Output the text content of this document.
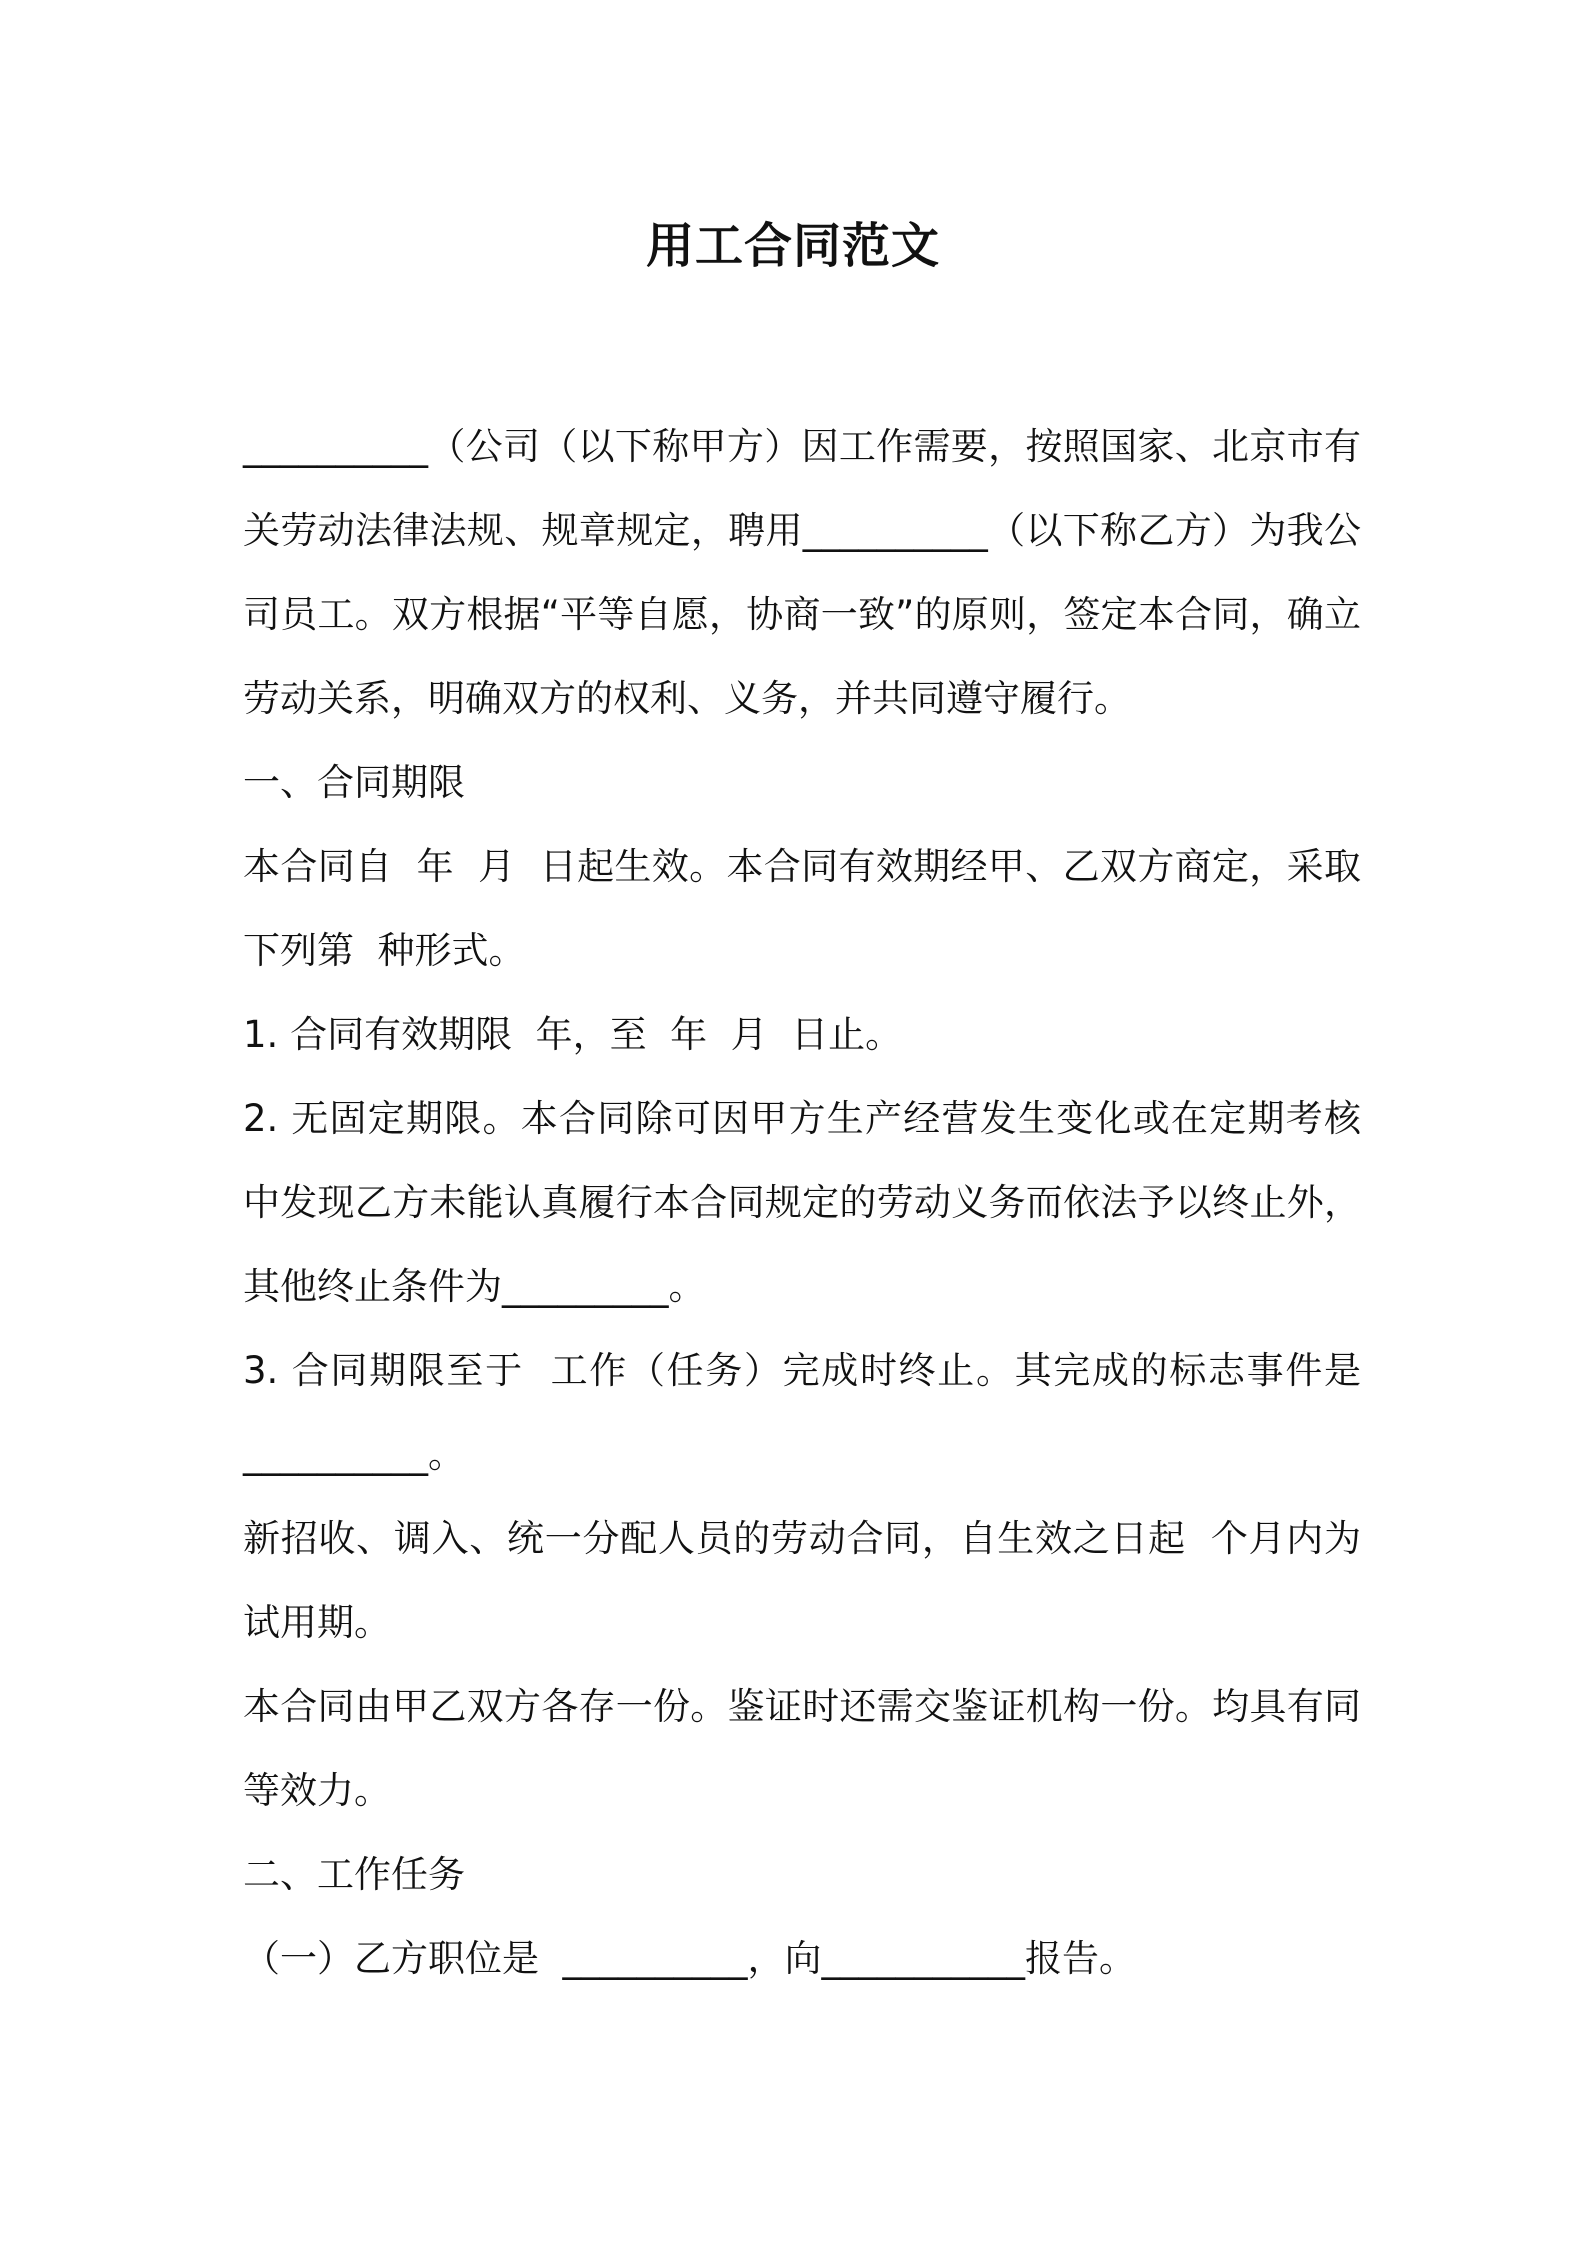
用工合同范文

__________（公司（以下称甲方）因工作需要，按照国家、北京市有关劳动法律法规、规章规定，聘用__________（以下称乙方）为我公司员工。双方根据“平等自愿，协商一致”的原则，签定本合同，确立劳动关系，明确双方的权利、义务，并共同遵守履行。

一、合同期限

本合同自  年  月  日起生效。本合同有效期经甲、乙双方商定，采取下列第  种形式。

1. 合同有效期限  年，至  年  月  日止。

2. 无固定期限。本合同除可因甲方生产经营发生变化或在定期考核中发现乙方未能认真履行本合同规定的劳动义务而依法予以终止外，其他终止条件为_________。

3. 合同期限至于  工作（任务）完成时终止。其完成的标志事件是__________。

新招收、调入、统一分配人员的劳动合同，自生效之日起  个月内为试用期。

本合同由甲乙双方各存一份。鉴证时还需交鉴证机构一份。均具有同等效力。

二、工作任务

（一）乙方职位是  __________，向___________报告。
